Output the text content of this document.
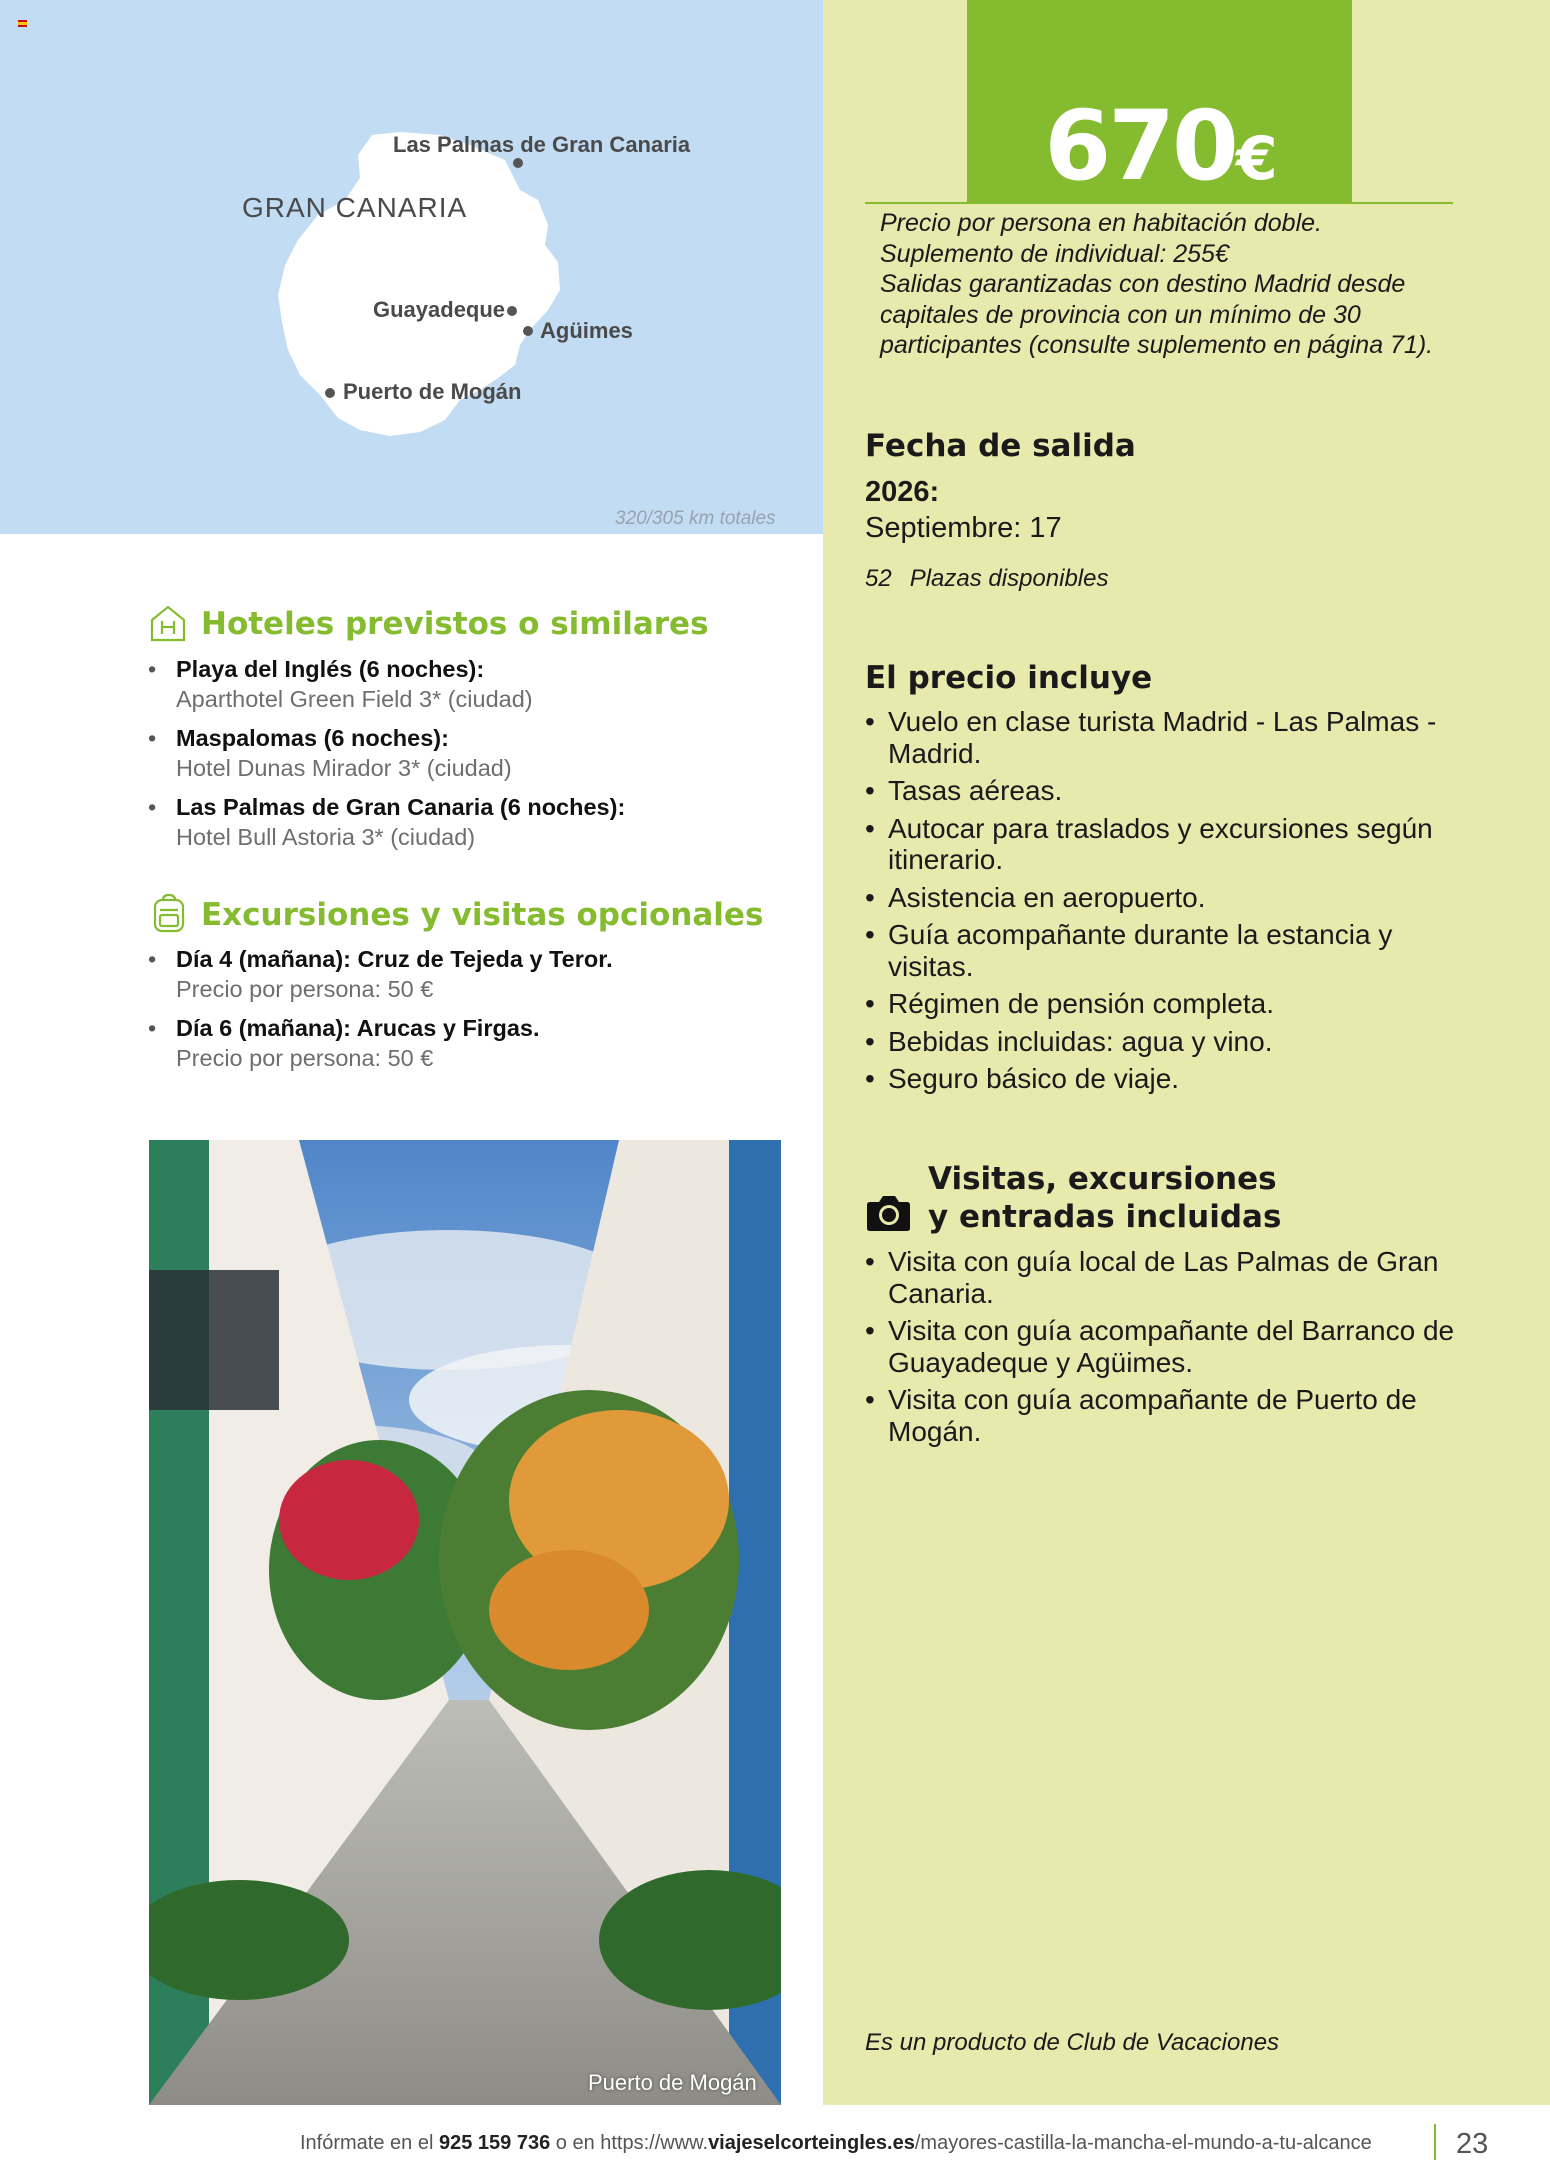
Las Palmas de Gran Canaria
GRAN CANARIA
Guayadeque
Agüimes
Puerto de Mogán
320/305 km totales
670€
Precio por persona en habitación doble.
Suplemento de individual: 255€
Salidas garantizadas con destino Madrid desde
capitales de provincia con un mínimo de 30
participantes (consulte suplemento en página 71).
Fecha de salida
2026:
Septiembre: 17
52 Plazas disponibles
El precio incluye
• Vuelo en clase turista Madrid - Las Palmas - Madrid.
• Tasas aéreas.
• Autocar para traslados y excursiones según itinerario.
• Asistencia en aeropuerto.
• Guía acompañante durante la estancia y visitas.
• Régimen de pensión completa.
• Bebidas incluidas: agua y vino.
• Seguro básico de viaje.
Visitas, excursiones
y entradas incluidas
• Visita con guía local de Las Palmas de Gran Canaria.
• Visita con guía acompañante del Barranco de Guayadeque y Agüimes.
• Visita con guía acompañante de Puerto de Mogán.
Es un producto de Club de Vacaciones
Hoteles previstos o similares
• Playa del Inglés (6 noches):
Aparthotel Green Field 3* (ciudad)
• Maspalomas (6 noches):
Hotel Dunas Mirador 3* (ciudad)
• Las Palmas de Gran Canaria (6 noches):
Hotel Bull Astoria 3* (ciudad)
Excursiones y visitas opcionales
• Día 4 (mañana): Cruz de Tejeda y Teror.
Precio por persona: 50 €
• Día 6 (mañana): Arucas y Firgas.
Precio por persona: 50 €
Puerto de Mogán
Infórmate en el 925 159 736 o en https://www.viajeselcorteingles.es/mayores-castilla-la-mancha-el-mundo-a-tu-alcance	23
